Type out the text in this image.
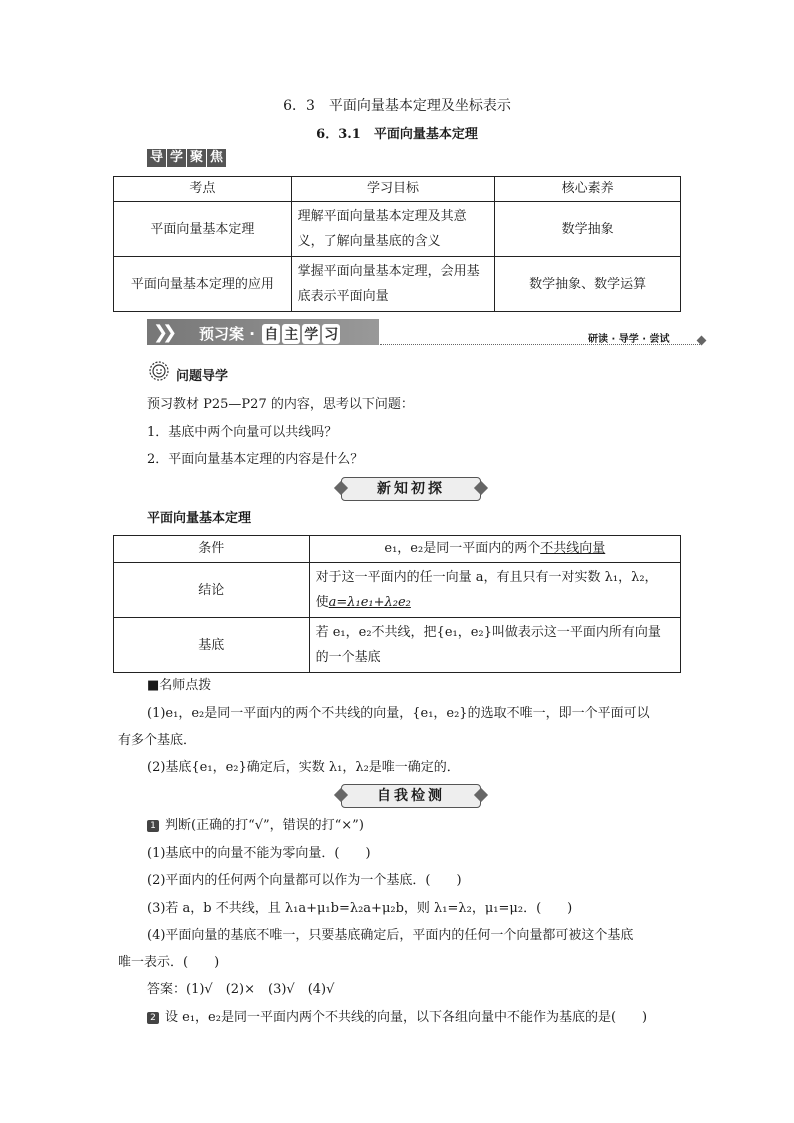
6．3　平面向量基本定理及坐标表示
6．3.1　平面向量基本定理
导 学 聚 焦
考点	学习目标	核心素养
平面向量基本定理	理解平面向量基本定理及其意义，了解向量基底的含义	数学抽象
平面向量基本定理的应用	掌握平面向量基本定理，会用基底表示平面向量	数学抽象、数学运算
❯❯ 预习案 · 自 主 学 习	研读 · 导学 · 尝试
问题导学
预习教材 P25—P27 的内容，思考以下问题：
1．基底中两个向量可以共线吗？
2．平面向量基本定理的内容是什么？
新知初探
平面向量基本定理
条件	e₁，e₂是同一平面内的两个不共线向量
结论	对于这一平面内的任一向量 a，有且只有一对实数 λ₁，λ₂，
使a=λ₁e₁+λ₂e₂

基底	若 e₁，e₂不共线，把{e₁，e₂}叫做表示这一平面内所有向量
的一个基底
■名师点拨
(1)e₁，e₂是同一平面内的两个不共线的向量，{e₁，e₂}的选取不唯一，即一个平面可以
有多个基底．
(2)基底{e₁，e₂}确定后，实数 λ₁，λ₂是唯一确定的．
自我检测
1 判断(正确的打“√”，错误的打“×”)
(1)基底中的向量不能为零向量．(　　)
(2)平面内的任何两个向量都可以作为一个基底．(　　)
(3)若 a，b 不共线，且 λ₁a+μ₁b=λ₂a+μ₂b，则 λ₁=λ₂，μ₁=μ₂．(　　)
(4)平面向量的基底不唯一，只要基底确定后，平面内的任何一个向量都可被这个基底
唯一表示．(　　)
答案：(1)√　(2)×　(3)√　(4)√
2 设 e₁，e₂是同一平面内两个不共线的向量，以下各组向量中不能作为基底的是(　　)
